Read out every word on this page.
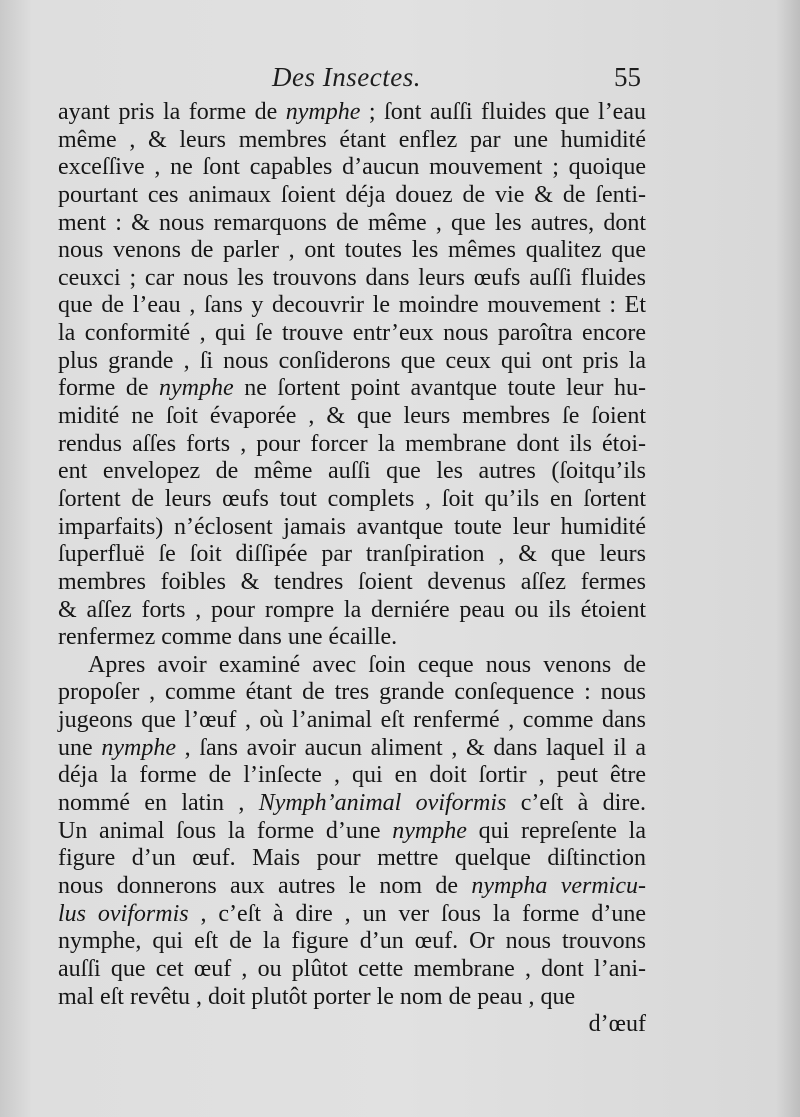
Des Insectes.	55
ayant pris la forme de nymphe ; ſont auſſi fluides que l’eau
même , & leurs membres étant enflez par une humidité
exceſſive , ne ſont capables d’aucun mouvement ; quoique
pourtant ces animaux ſoient déja douez de vie & de ſenti-
ment : & nous remarquons de même , que les autres, dont
nous venons de parler , ont toutes les mêmes qualitez que
ceuxci ; car nous les trouvons dans leurs œufs auſſi fluides
que de l’eau , ſans y decouvrir le moindre mouvement : Et
la conformité , qui ſe trouve entr’eux nous paroîtra encore
plus grande , ſi nous conſiderons que ceux qui ont pris la
forme de nymphe ne ſortent point avantque toute leur hu-
midité ne ſoit évaporée , & que leurs membres ſe ſoient
rendus aſſes forts , pour forcer la membrane dont ils étoi-
ent envelopez de même auſſi que les autres (ſoitqu’ils
ſortent de leurs œufs tout complets , ſoit qu’ils en ſortent
imparfaits) n’éclosent jamais avantque toute leur humidité
ſuperfluë ſe ſoit diſſipée par tranſpiration , & que leurs
membres foibles & tendres ſoient devenus aſſez fermes
& aſſez forts , pour rompre la derniére peau ou ils étoient
renfermez comme dans une écaille.
Apres avoir examiné avec ſoin ceque nous venons de
propoſer , comme étant de tres grande conſequence : nous
jugeons que l’œuf , où l’animal eſt renfermé , comme dans
une nymphe , ſans avoir aucun aliment , & dans laquel il a
déja la forme de l’inſecte , qui en doit ſortir , peut être
nommé en latin , Nymph’animal oviformis c’eſt à dire.
Un animal ſous la forme d’une nymphe qui repreſente la
figure d’un œuf. Mais pour mettre quelque diſtinction
nous donnerons aux autres le nom de nympha vermicu-
lus oviformis , c’eſt à dire , un ver ſous la forme d’une
nymphe, qui eſt de la figure d’un œuf. Or nous trouvons
auſſi que cet œuf , ou plûtot cette membrane , dont l’ani-
mal eſt revêtu , doit plutôt porter le nom de peau , que
d’œuf
